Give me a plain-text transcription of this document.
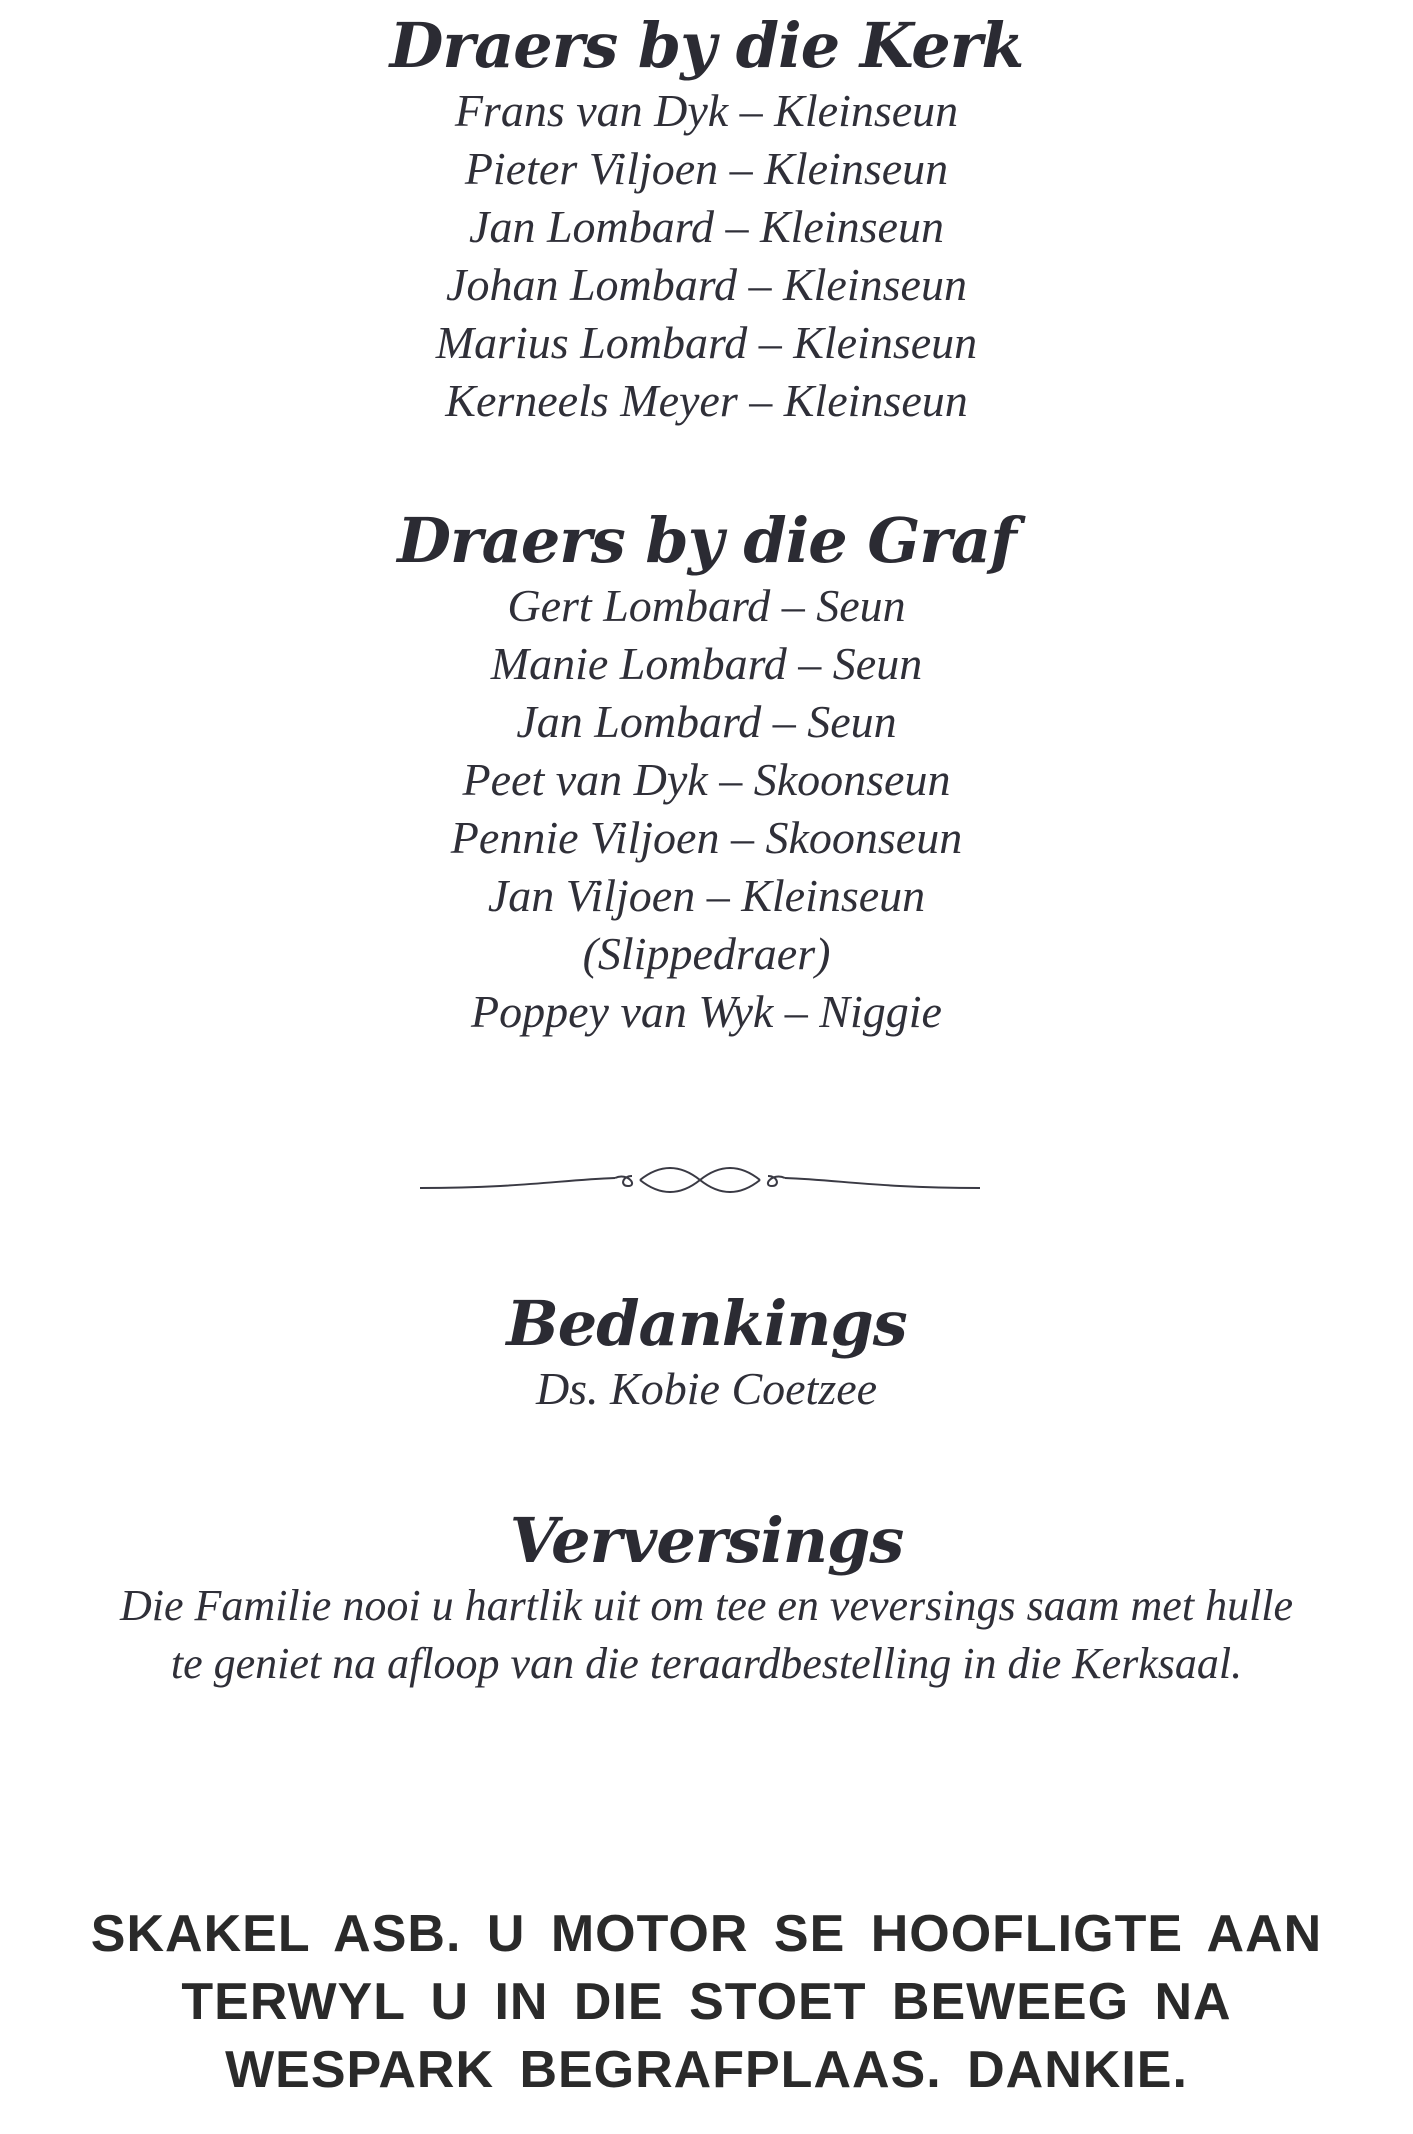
Draers by die Kerk

Frans van Dyk – Kleinseun

Pieter Viljoen – Kleinseun

Jan Lombard – Kleinseun

Johan Lombard – Kleinseun

Marius Lombard – Kleinseun

Kerneels Meyer – Kleinseun

Draers by die Graf

Gert Lombard – Seun

Manie Lombard – Seun

Jan Lombard – Seun

Peet van Dyk – Skoonseun

Pennie Viljoen – Skoonseun

Jan Viljoen – Kleinseun

(Slippedraer)

Poppey van Wyk – Niggie

Bedankings

Ds. Kobie Coetzee

Verversings

Die Familie nooi u hartlik uit om tee en veversings saam met hulle

te geniet na afloop van die teraardbestelling in die Kerksaal.

SKAKEL ASB. U MOTOR SE HOOFLIGTE AAN

TERWYL U IN DIE STOET BEWEEG NA

WESPARK BEGRAFPLAAS. DANKIE.
